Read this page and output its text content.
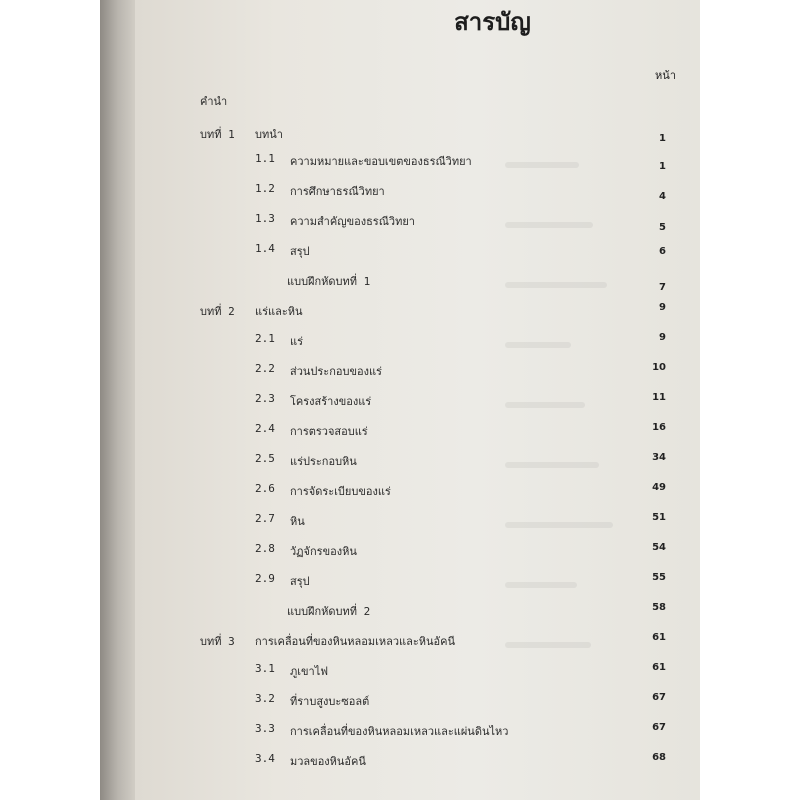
สารบัญ
หน้า
คำนำ
บทที่ 1 บทนำ	1
1.1 ความหมายและขอบเขตของธรณีวิทยา	1
1.2 การศึกษาธรณีวิทยา	4
1.3 ความสำคัญของธรณีวิทยา	5
1.4 สรุป	6
แบบฝึกหัดบทที่ 1	7
บทที่ 2 แร่และหิน	9
2.1 แร่	9
2.2 ส่วนประกอบของแร่	10
2.3 โครงสร้างของแร่	11
2.4 การตรวจสอบแร่	16
2.5 แร่ประกอบหิน	34
2.6 การจัดระเบียบของแร่	49
2.7 หิน	51
2.8 วัฏจักรของหิน	54
2.9 สรุป	55
แบบฝึกหัดบทที่ 2	58
บทที่ 3 การเคลื่อนที่ของหินหลอมเหลวและหินอัคนี	61
3.1 ภูเขาไฟ	61
3.2 ที่ราบสูงบะซอลต์	67
3.3 การเคลื่อนที่ของหินหลอมเหลวและแผ่นดินไหว	67
3.4 มวลของหินอัคนี	68
